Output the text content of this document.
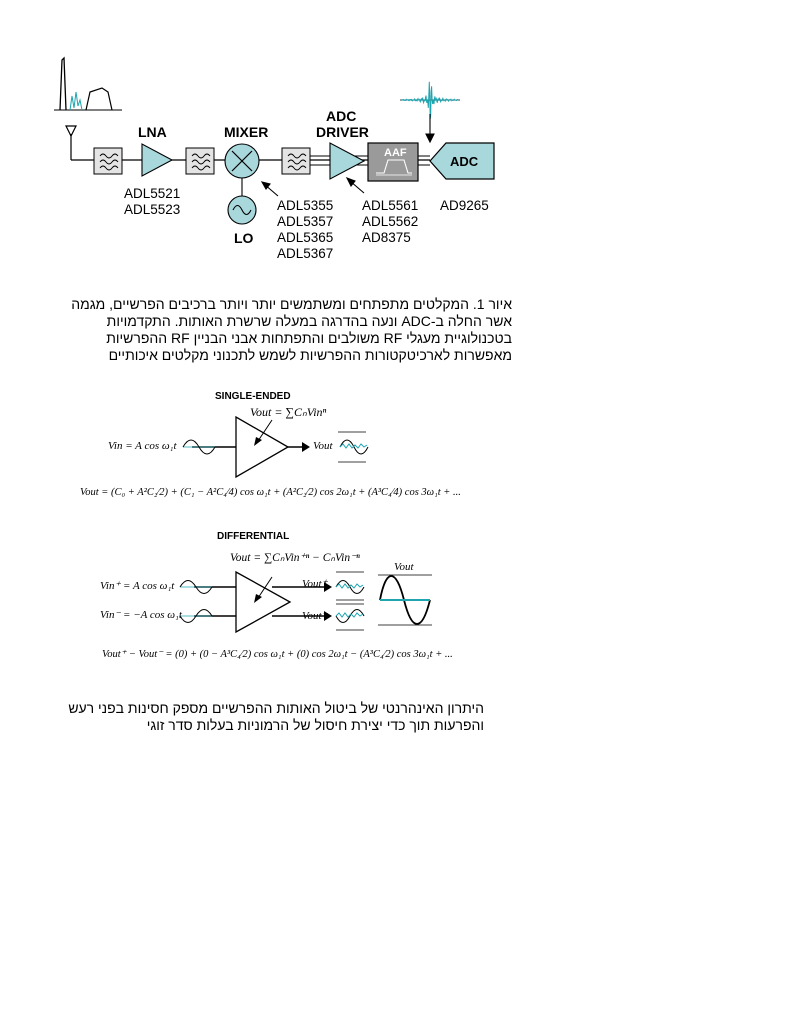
LNA	MIXER
ADC
DRIVER
AAF
ADC
LO
ADL5521
ADL5523	ADL5355
ADL5357
ADL5365
ADL5367
ADL5561
ADL5562
AD8375
AD9265
איור 1. המקלטים מתפתחים ומשתמשים יותר ויותר ברכיבים הפרשיים, מגמה
אשר החלה ב-ADC ונעה בהדרגה במעלה שרשרת האותות. התקדמויות
בטכנולוגיית מעגלי RF משולבים והתפתחות אבני הבניין RF ההפרשיות
מאפשרות לארכיטקטורות ההפרשיות לשמש לתכנוני מקלטים איכותיים
SINGLE-ENDED
Vout = ∑CₙVinⁿ
Vin = A cos ω₁t	Vout
Vout = (C₀ + A²C₂⁄2) + (C₁ − A²C₄⁄4) cos ω₁t + (A²C₂⁄2) cos 2ω₁t + (A³C₄⁄4) cos 3ω₁t + ...
DIFFERENTIAL
Vout = ∑CₙVin⁺ⁿ − CₙVin⁻ⁿ
Vin⁺ = A cos ω₁t
Vin⁻ = −A cos ω₁t
Vout⁺
Vout⁻
Vout
Vout⁺ − Vout⁻ = (0) + (0 − A³C₄⁄2) cos ω₁t + (0) cos 2ω₁t − (A³C₄⁄2) cos 3ω₁t + ...
היתרון האינהרנטי של ביטול האותות ההפרשיים מספק חסינות בפני רעש
והפרעות תוך כדי יצירת חיסול של הרמוניות בעלות סדר זוגי
